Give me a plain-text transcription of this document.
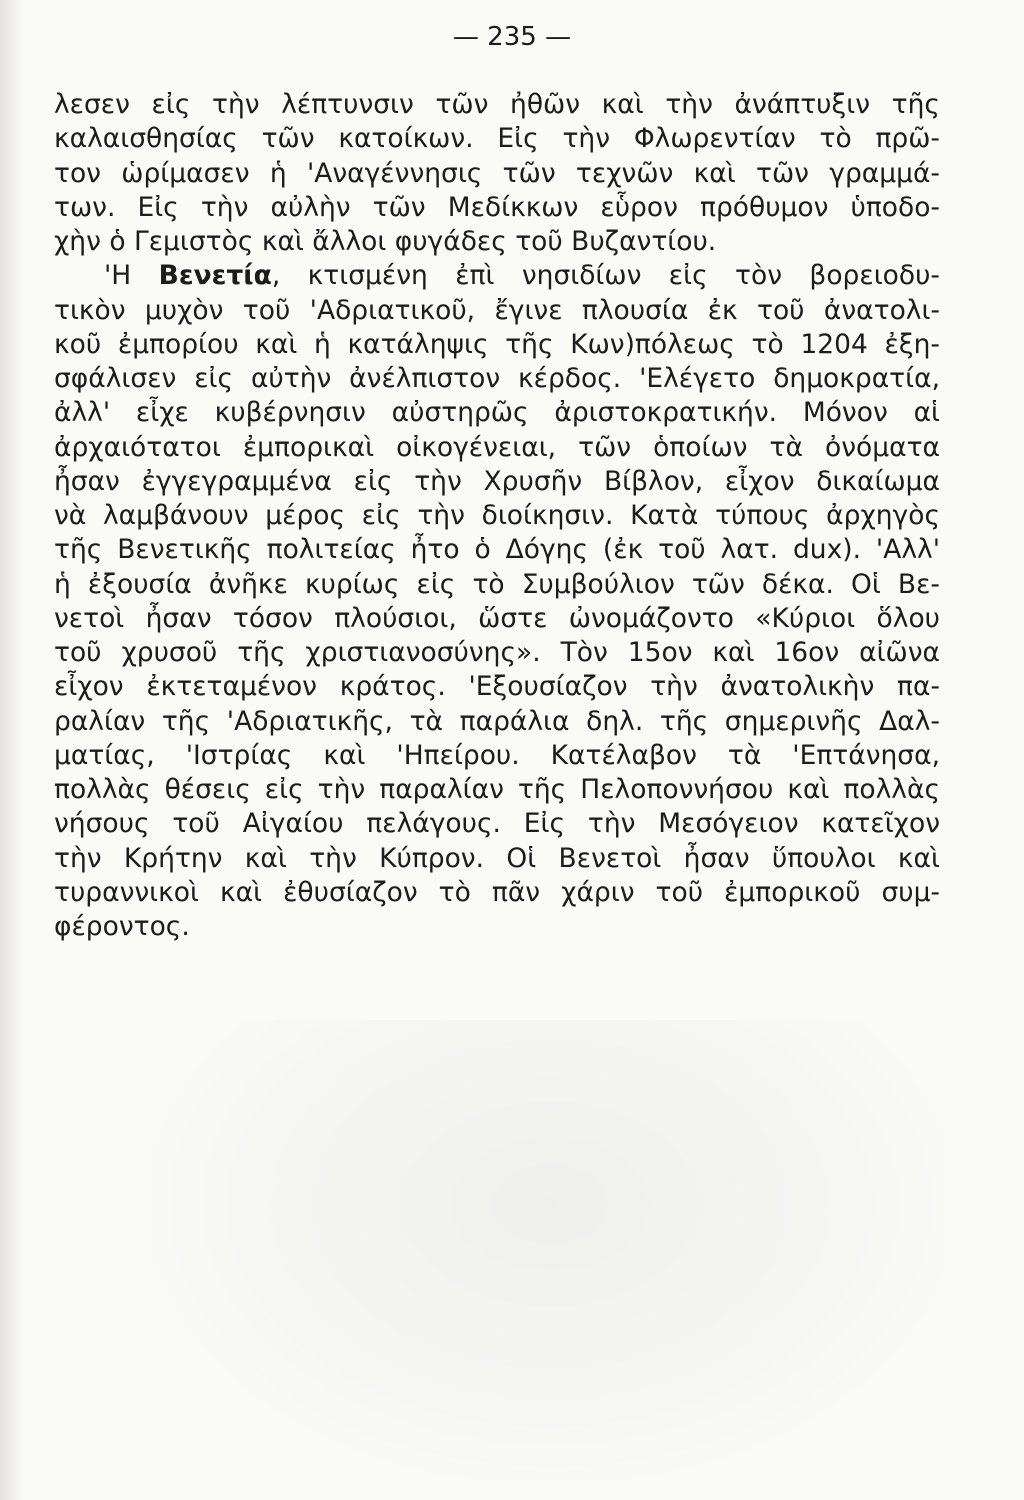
— 235 —
λεσεν εἰς τὴν λέπτυνσιν τῶν ἠθῶν καὶ τὴν ἀνάπτυξιν τῆς
καλαισθησίας τῶν κατοίκων. Εἰς τὴν Φλωρεντίαν τὸ πρῶ-
τον ὡρίμασεν ἡ 'Αναγέννησις τῶν τεχνῶν καὶ τῶν γραμμά-
των. Εἰς τὴν αὐλὴν τῶν Μεδίκκων εὗρον πρόθυμον ὑποδο-
χὴν ὁ Γεμιστὸς καὶ ἄλλοι φυγάδες τοῦ Βυζαντίου.
'Η Βενετία, κτισμένη ἐπὶ νησιδίων εἰς τὸν βορειοδυ-
τικὸν μυχὸν τοῦ 'Αδριατικοῦ, ἔγινε πλουσία ἐκ τοῦ ἀνατολι-
κοῦ ἐμπορίου καὶ ἡ κατάληψις τῆς Κων)πόλεως τὸ 1204 ἐξη-
σφάλισεν εἰς αὐτὴν ἀνέλπιστον κέρδος. 'Ελέγετο δημοκρατία,
ἀλλ' εἶχε κυβέρνησιν αὐστηρῶς ἀριστοκρατικήν. Μόνον αἱ
ἀρχαιότατοι ἐμπορικαὶ οἰκογένειαι, τῶν ὁποίων τὰ ὀνόματα
ἦσαν ἐγγεγραμμένα εἰς τὴν Χρυσῆν Βίβλον, εἶχον δικαίωμα
νὰ λαμβάνουν μέρος εἰς τὴν διοίκησιν. Κατὰ τύπους ἀρχηγὸς
τῆς Βενετικῆς πολιτείας ἦτο ὁ Δόγης (ἐκ τοῦ λατ. dux). 'Αλλ'
ἡ ἐξουσία ἀνῆκε κυρίως εἰς τὸ Συμβούλιον τῶν δέκα. Οἱ Βε-
νετοὶ ἦσαν τόσον πλούσιοι, ὥστε ὠνομάζοντο «Κύριοι ὅλου
τοῦ χρυσοῦ τῆς χριστιανοσύνης». Τὸν 15ον καὶ 16ον αἰῶνα
εἶχον ἐκτεταμένον κράτος. 'Εξουσίαζον τὴν ἀνατολικὴν πα-
ραλίαν τῆς 'Αδριατικῆς, τὰ παράλια δηλ. τῆς σημερινῆς Δαλ-
ματίας, 'Ιστρίας καὶ 'Ηπείρου. Κατέλαβον τὰ 'Επτάνησα,
πολλὰς θέσεις εἰς τὴν παραλίαν τῆς Πελοποννήσου καὶ πολλὰς
νήσους τοῦ Αἰγαίου πελάγους. Εἰς τὴν Μεσόγειον κατεῖχον
τὴν Κρήτην καὶ τὴν Κύπρον. Οἱ Βενετοὶ ἦσαν ὕπουλοι καὶ
τυραννικοὶ καὶ ἐθυσίαζον τὸ πᾶν χάριν τοῦ ἐμπορικοῦ συμ-
φέροντος.
